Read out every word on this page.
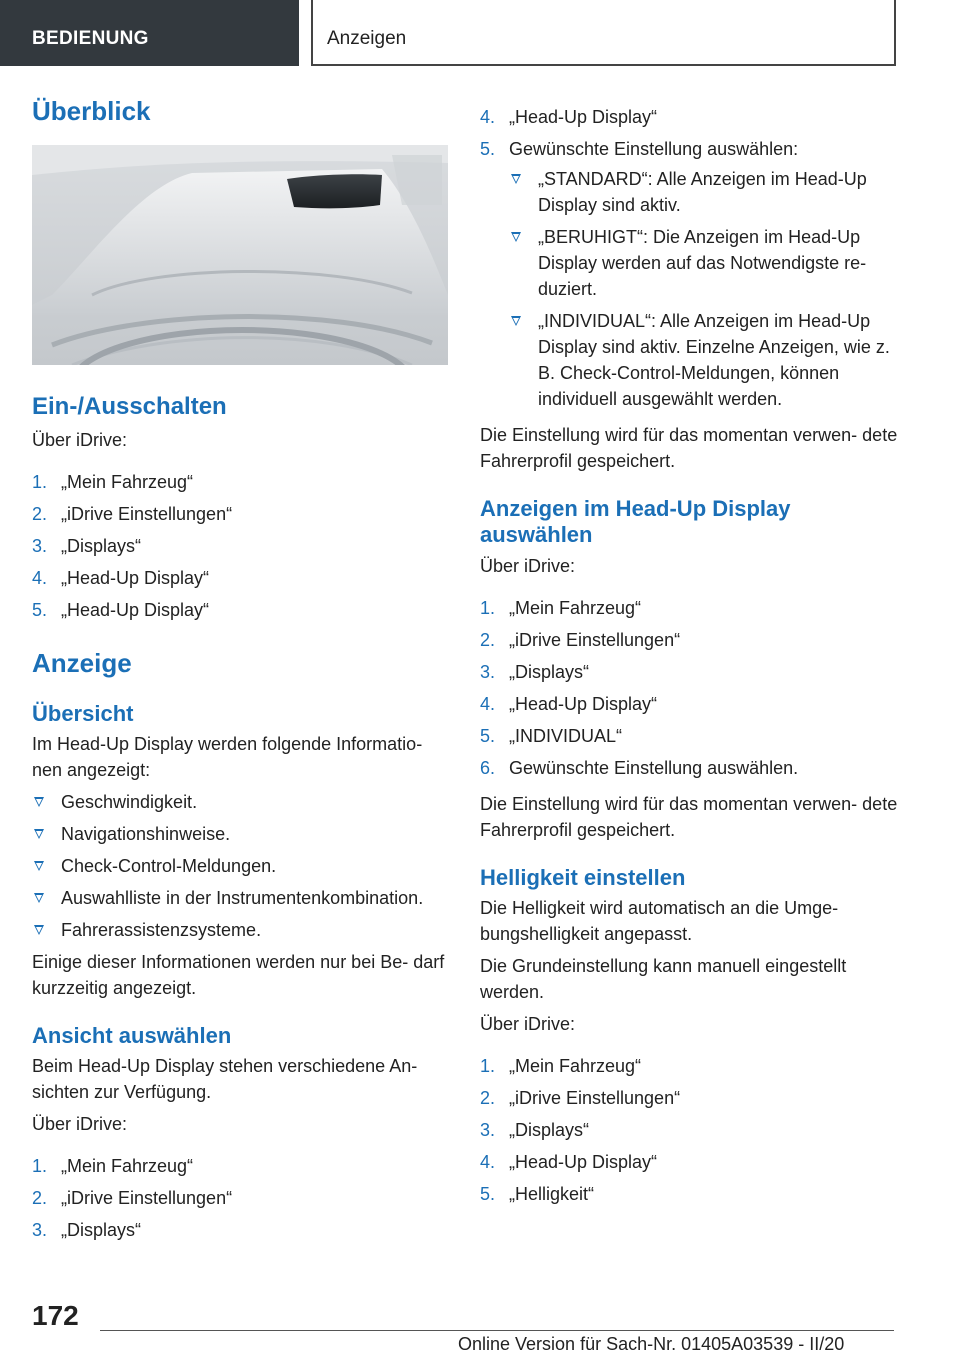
BEDIENUNG	Anzeigen
Überblick
Ein-/Ausschalten

Über iDrive:

1. „Mein Fahrzeug“
2. „iDrive Einstellungen“
3. „Displays“
4. „Head-Up Display“
5. „Head-Up Display“
Anzeige
Übersicht

Im Head-Up Display werden folgende Informatio- nen angezeigt:

Geschwindigkeit.
Navigationshinweise.
Check-Control-Meldungen.
Auswahlliste in der Instrumentenkombination.
Fahrerassistenzsysteme.

Einige dieser Informationen werden nur bei Be- darf kurzzeitig angezeigt.

Ansicht auswählen

Beim Head-Up Display stehen verschiedene An- sichten zur Verfügung.

Über iDrive:

1. „Mein Fahrzeug“
2. „iDrive Einstellungen“
3. „Displays“
4. „Head-Up Display“
5. Gewünschte Einstellung auswählen:
„STANDARD“: Alle Anzeigen im Head-Up Display sind aktiv.
„BERUHIGT“: Die Anzeigen im Head-Up Display werden auf das Notwendigste re- duziert.
„INDIVIDUAL“: Alle Anzeigen im Head-Up Display sind aktiv. Einzelne Anzeigen, wie z. B. Check-Control-Meldungen, können individuell ausgewählt werden.

Die Einstellung wird für das momentan verwen- dete Fahrerprofil gespeichert.

Anzeigen im Head-Up Display auswählen

Über iDrive:

1. „Mein Fahrzeug“
2. „iDrive Einstellungen“
3. „Displays“
4. „Head-Up Display“
5. „INDIVIDUAL“
6. Gewünschte Einstellung auswählen.

Die Einstellung wird für das momentan verwen- dete Fahrerprofil gespeichert.

Helligkeit einstellen

Die Helligkeit wird automatisch an die Umge- bungshelligkeit angepasst.

Die Grundeinstellung kann manuell eingestellt werden.

Über iDrive:

1. „Mein Fahrzeug“
2. „iDrive Einstellungen“
3. „Displays“
4. „Head-Up Display“
5. „Helligkeit“
172
Online Version für Sach-Nr. 01405A03539 - II/20
